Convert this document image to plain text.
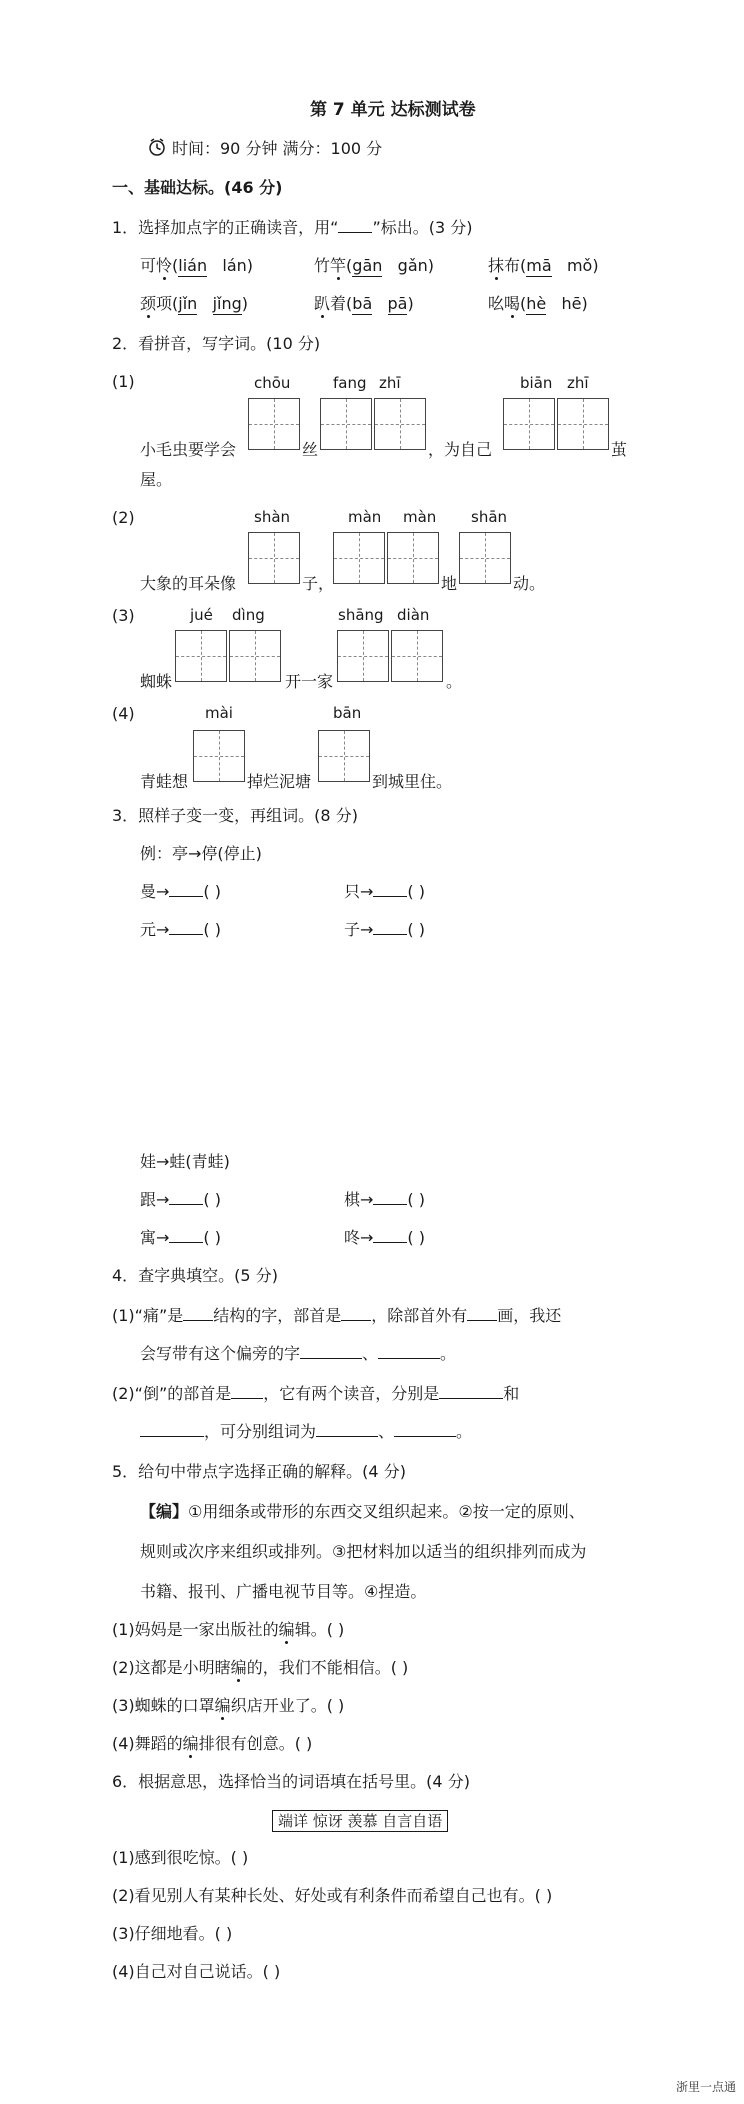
第 7 单元 达标测试卷
时间：90 分钟 满分：100 分
一、基础达标。(46 分)
1．选择加点字的正确读音，用“ ”标出。(3 分)
可怜(lián lán)	竹竿(gān gǎn)	抹布(mā mǒ)
颈项(jǐn jǐng)	趴着(bā pā)	吆喝(hè hē)
2．看拼音，写字词。(10 分)
(1)	chōu	fang zhī	biān zhī
小毛虫要学会	丝	，为自己	茧
屋。
(2)	shàn	màn màn shān
大象的耳朵像	子，	地	动。
(3)	jué dìng	shāng diàn
蜘蛛	开一家	。
(4)	mài	bān
青蛙想	掉烂泥塘	到城里住。
3．照样子变一变，再组词。(8 分)
例：亭→停(停止)
曼→ ( )	只→ ( )
元→ ( )	子→ ( )
娃→蛙(青蛙)
跟→ ( )	棋→ ( )
寓→ ( )	咚→ ( )
4．查字典填空。(5 分)
(1)“痛”是 结构的字，部首是 ，除部首外有 画，我还
会写带有这个偏旁的字	、	。
(2)“倒”的部首是 ，它有两个读音，分别是	和
，可分别组词为	、	。
5．给句中带点字选择正确的解释。(4 分)
【编】①用细条或带形的东西交叉组织起来。②按一定的原则、
规则或次序来组织或排列。③把材料加以适当的组织排列而成为
书籍、报刊、广播电视节目等。④捏造。
(1)妈妈是一家出版社的编辑。( )
(2)这都是小明瞎编的，我们不能相信。( )
(3)蜘蛛的口罩编织店开业了。( )
(4)舞蹈的编排很有创意。( )
6．根据意思，选择恰当的词语填在括号里。(4 分)
端详 惊讶 羡慕 自言自语
(1)感到很吃惊。( )
(2)看见别人有某种长处、好处或有利条件而希望自己也有。( )
(3)仔细地看。( )
(4)自己对自己说话。( )
浙里一点通
